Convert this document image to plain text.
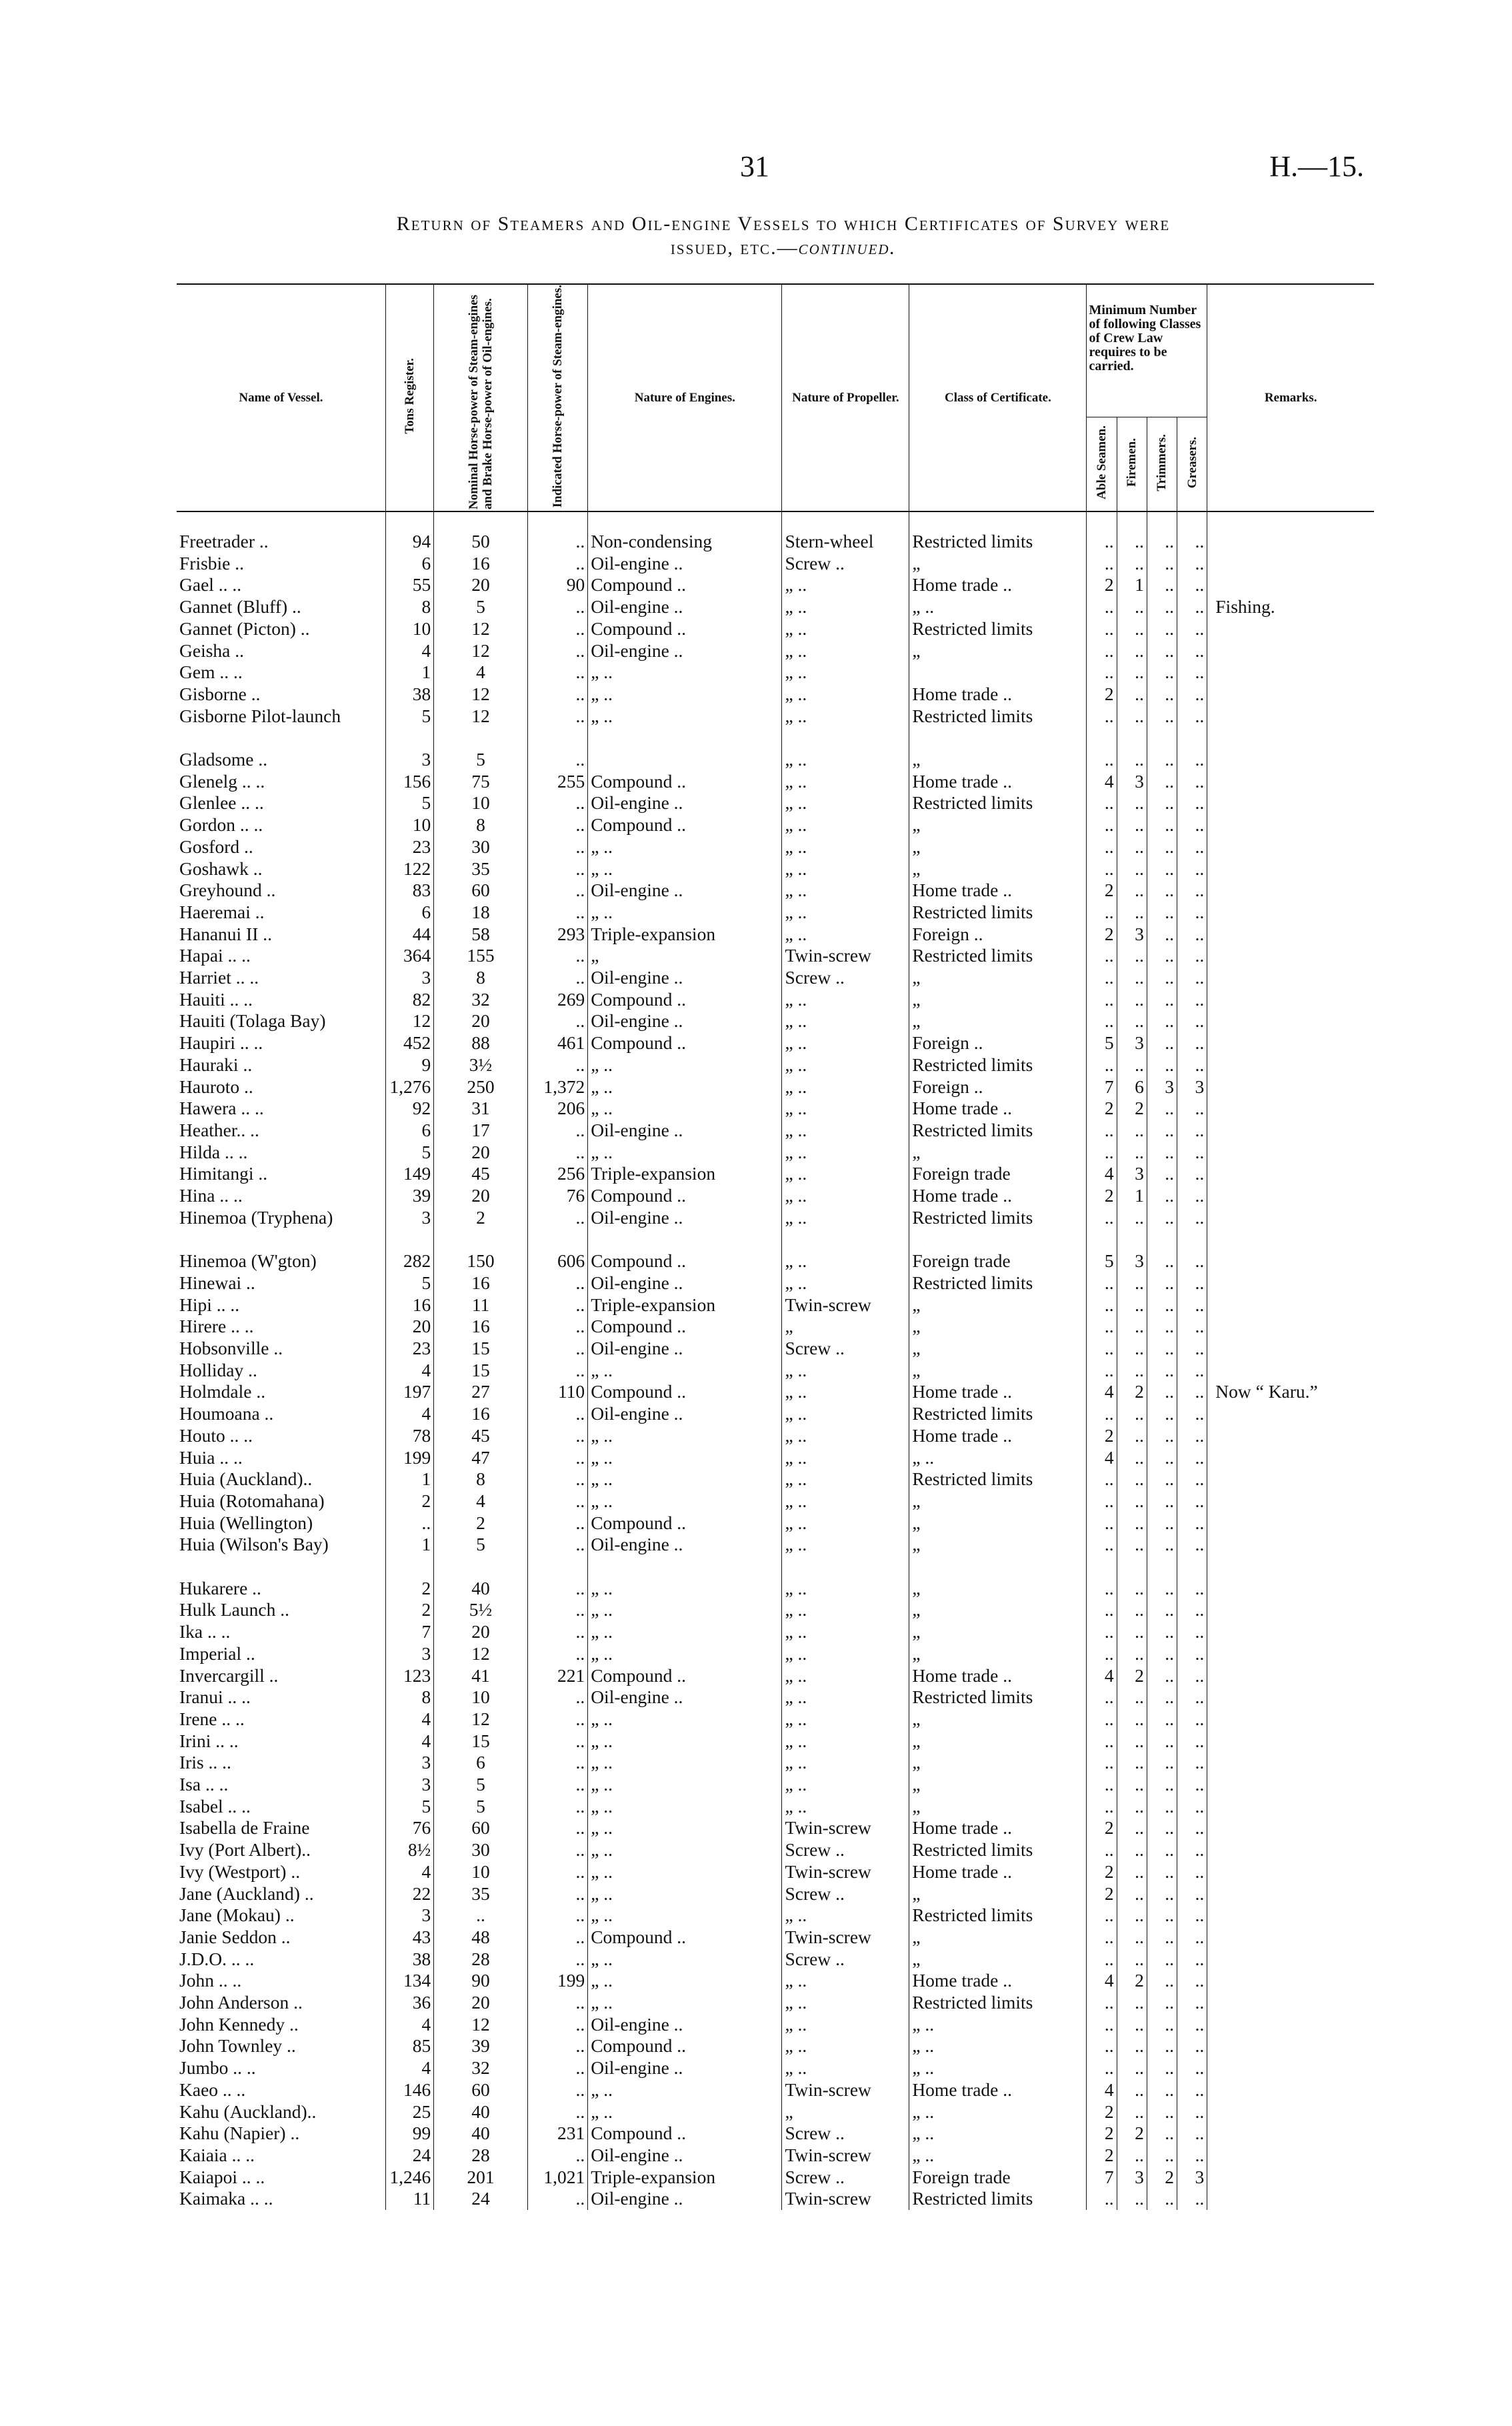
31	H.—15.
Return of Steamers and Oil-engine Vessels to which Certificates of Survey were
issued, etc.—continued.
Name of Vessel.	Tons Register.	Nominal Horse-power of Steam-engines and Brake Horse-power of Oil-engines.	Indicated Horse-power of Steam-engines.	Nature of Engines.	Nature of Propeller.	Class of Certificate.	Minimum Number of following Classes of Crew Law requires to be carried.				Remarks.
							Able Seamen.	Firemen.	Trimmers.	Greasers.	
Freetrader ..	94	50	..	Non-condensing	Stern-wheel	Restricted limits	..	..	..	..	
Frisbie ..	6	16	..	Oil-engine ..	Screw ..	„	..	..	..	..	
Gael .. ..	55	20	90	Compound ..	„ ..	Home trade ..	2	1	..	..	
Gannet (Bluff) ..	8	5	..	Oil-engine ..	„ ..	„ ..	..	..	..	..	Fishing.
Gannet (Picton) ..	10	12	..	Compound ..	„ ..	Restricted limits	..	..	..	..	
Geisha ..	4	12	..	Oil-engine ..	„ ..	„	..	..	..	..	
Gem .. ..	1	4	..	„ ..	„ ..		..	..	..	..	
Gisborne ..	38	12	..	„ ..	„ ..	Home trade ..	2	..	..	..	
Gisborne Pilot-launch	5	12	..	„ ..	„ ..	Restricted limits	..	..	..	..	
Gladsome ..	3	5	..		„ ..	„	..	..	..	..	
Glenelg .. ..	156	75	255	Compound ..	„ ..	Home trade ..	4	3	..	..	
Glenlee .. ..	5	10	..	Oil-engine ..	„ ..	Restricted limits	..	..	..	..	
Gordon .. ..	10	8	..	Compound ..	„ ..	„	..	..	..	..	
Gosford ..	23	30	..	„ ..	„ ..	„	..	..	..	..	
Goshawk ..	122	35	..	„ ..	„ ..	„	..	..	..	..	
Greyhound ..	83	60	..	Oil-engine ..	„ ..	Home trade ..	2	..	..	..	
Haeremai ..	6	18	..	„ ..	„ ..	Restricted limits	..	..	..	..	
Hananui II ..	44	58	293	Triple-expansion	„ ..	Foreign ..	2	3	..	..	
Hapai .. ..	364	155	..	„	Twin-screw	Restricted limits	..	..	..	..	
Harriet .. ..	3	8	..	Oil-engine ..	Screw ..	„	..	..	..	..	
Hauiti .. ..	82	32	269	Compound ..	„ ..	„	..	..	..	..	
Hauiti (Tolaga Bay)	12	20	..	Oil-engine ..	„ ..	„	..	..	..	..	
Haupiri .. ..	452	88	461	Compound ..	„ ..	Foreign ..	5	3	..	..	
Hauraki ..	9	3½	..	„ ..	„ ..	Restricted limits	..	..	..	..	
Hauroto ..	1,276	250	1,372	„ ..	„ ..	Foreign ..	7	6	3	3	
Hawera .. ..	92	31	206	„ ..	„ ..	Home trade ..	2	2	..	..	
Heather.. ..	6	17	..	Oil-engine ..	„ ..	Restricted limits	..	..	..	..	
Hilda .. ..	5	20	..	„ ..	„ ..	„	..	..	..	..	
Himitangi ..	149	45	256	Triple-expansion	„ ..	Foreign trade	4	3	..	..	
Hina .. ..	39	20	76	Compound ..	„ ..	Home trade ..	2	1	..	..	
Hinemoa (Tryphena)	3	2	..	Oil-engine ..	„ ..	Restricted limits	..	..	..	..	
Hinemoa (W'gton)	282	150	606	Compound ..	„ ..	Foreign trade	5	3	..	..	
Hinewai ..	5	16	..	Oil-engine ..	„ ..	Restricted limits	..	..	..	..	
Hipi .. ..	16	11	..	Triple-expansion	Twin-screw	„	..	..	..	..	
Hirere .. ..	20	16	..	Compound ..	„	„	..	..	..	..	
Hobsonville ..	23	15	..	Oil-engine ..	Screw ..	„	..	..	..	..	
Holliday ..	4	15	..	„ ..	„ ..	„	..	..	..	..	
Holmdale ..	197	27	110	Compound ..	„ ..	Home trade ..	4	2	..	..	Now “ Karu.”
Houmoana ..	4	16	..	Oil-engine ..	„ ..	Restricted limits	..	..	..	..	
Houto .. ..	78	45	..	„ ..	„ ..	Home trade ..	2	..	..	..	
Huia .. ..	199	47	..	„ ..	„ ..	„ ..	4	..	..	..	
Huia (Auckland)..	1	8	..	„ ..	„ ..	Restricted limits	..	..	..	..	
Huia (Rotomahana)	2	4	..	„ ..	„ ..	„	..	..	..	..	
Huia (Wellington)	..	2	..	Compound ..	„ ..	„	..	..	..	..	
Huia (Wilson's Bay)	1	5	..	Oil-engine ..	„ ..	„	..	..	..	..	
Hukarere ..	2	40	..	„ ..	„ ..	„	..	..	..	..	
Hulk Launch ..	2	5½	..	„ ..	„ ..	„	..	..	..	..	
Ika .. ..	7	20	..	„ ..	„ ..	„	..	..	..	..	
Imperial ..	3	12	..	„ ..	„ ..	„	..	..	..	..	
Invercargill ..	123	41	221	Compound ..	„ ..	Home trade ..	4	2	..	..	
Iranui .. ..	8	10	..	Oil-engine ..	„ ..	Restricted limits	..	..	..	..	
Irene .. ..	4	12	..	„ ..	„ ..	„	..	..	..	..	
Irini .. ..	4	15	..	„ ..	„ ..	„	..	..	..	..	
Iris .. ..	3	6	..	„ ..	„ ..	„	..	..	..	..	
Isa .. ..	3	5	..	„ ..	„ ..	„	..	..	..	..	
Isabel .. ..	5	5	..	„ ..	„ ..	„	..	..	..	..	
Isabella de Fraine	76	60	..	„ ..	Twin-screw	Home trade ..	2	..	..	..	
Ivy (Port Albert)..	8½	30	..	„ ..	Screw ..	Restricted limits	..	..	..	..	
Ivy (Westport) ..	4	10	..	„ ..	Twin-screw	Home trade ..	2	..	..	..	
Jane (Auckland) ..	22	35	..	„ ..	Screw ..	„	2	..	..	..	
Jane (Mokau) ..	3	..	..	„ ..	„ ..	Restricted limits	..	..	..	..	
Janie Seddon ..	43	48	..	Compound ..	Twin-screw	„	..	..	..	..	
J.D.O. .. ..	38	28	..	„ ..	Screw ..	„	..	..	..	..	
John .. ..	134	90	199	„ ..	„ ..	Home trade ..	4	2	..	..	
John Anderson ..	36	20	..	„ ..	„ ..	Restricted limits	..	..	..	..	
John Kennedy ..	4	12	..	Oil-engine ..	„ ..	„ ..	..	..	..	..	
John Townley ..	85	39	..	Compound ..	„ ..	„ ..	..	..	..	..	
Jumbo .. ..	4	32	..	Oil-engine ..	„ ..	„ ..	..	..	..	..	
Kaeo .. ..	146	60	..	„ ..	Twin-screw	Home trade ..	4	..	..	..	
Kahu (Auckland)..	25	40	..	„ ..	„	„ ..	2	..	..	..	
Kahu (Napier) ..	99	40	231	Compound ..	Screw ..	„ ..	2	2	..	..	
Kaiaia .. ..	24	28	..	Oil-engine ..	Twin-screw	„ ..	2	..	..	..	
Kaiapoi .. ..	1,246	201	1,021	Triple-expansion	Screw ..	Foreign trade	7	3	2	3	
Kaimaka .. ..	11	24	..	Oil-engine ..	Twin-screw	Restricted limits	..	..	..	..	
